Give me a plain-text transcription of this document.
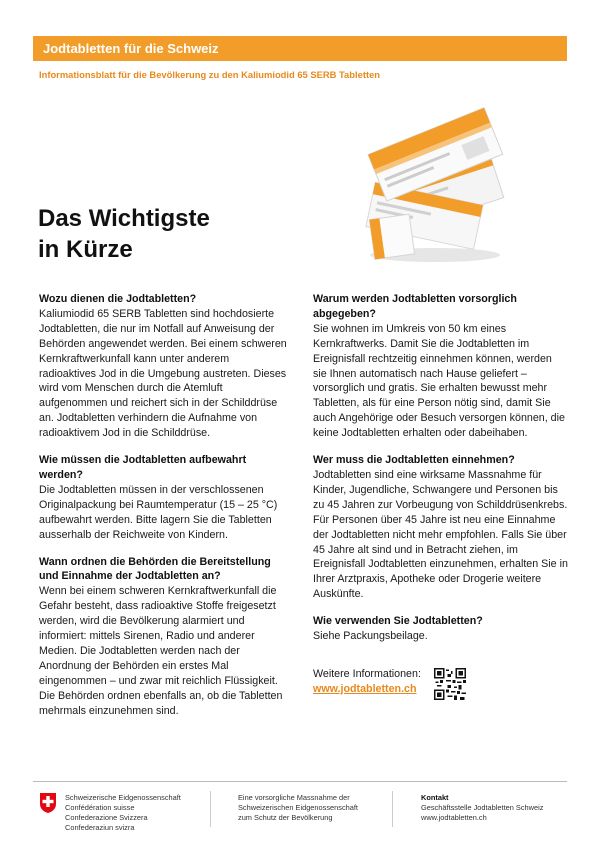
Jodtabletten für die Schweiz
Informationsblatt für die Bevölkerung zu den Kaliumiodid 65 SERB Tabletten
Das Wichtigste
in Kürze
Wozu dienen die Jodtabletten?
Kaliumiodid 65 SERB Tabletten sind hochdosierte Jodtabletten, die nur im Notfall auf Anweisung der Behörden angewendet werden. Bei einem schweren Kernkraftwerkunfall kann unter anderem radioaktives Jod in die Umgebung austreten. Dieses wird vom Menschen durch die Atemluft aufgenommen und reichert sich in der Schilddrüse an. Jodtabletten verhindern die Aufnahme von radioaktivem Jod in die Schilddrüse.
Wie müssen die Jodtabletten aufbewahrt werden?
Die Jodtabletten müssen in der verschlossenen Originalpackung bei Raumtemperatur (15 – 25 °C) aufbewahrt werden. Bitte lagern Sie die Tabletten ausserhalb der Reichweite von Kindern.
Wann ordnen die Behörden die Bereitstellung und Einnahme der Jodtabletten an?
Wenn bei einem schweren Kernkraftwerkunfall die Gefahr besteht, dass radioaktive Stoffe freigesetzt werden, wird die Bevölkerung alarmiert und informiert: mittels Sirenen, Radio und anderer Medien. Die Jodtabletten werden nach der Anordnung der Behörden ein erstes Mal eingenommen – und zwar mit reichlich Flüssigkeit. Die Behörden ordnen ebenfalls an, ob die Tabletten mehrmals einzunehmen sind.
Warum werden Jodtabletten vorsorglich abgegeben?
Sie wohnen im Umkreis von 50 km eines Kernkraftwerks. Damit Sie die Jodtabletten im Ereignisfall rechtzeitig einnehmen können, werden sie Ihnen automatisch nach Hause geliefert – vorsorglich und gratis. Sie erhalten bewusst mehr Tabletten, als für eine Person nötig sind, damit Sie auch Angehörige oder Besuch versorgen können, die keine Jodtabletten erhalten oder dabeihaben.
Wer muss die Jodtabletten einnehmen?
Jodtabletten sind eine wirksame Massnahme für Kinder, Jugendliche, Schwangere und Personen bis zu 45 Jahren zur Vorbeugung von Schilddrüsenkrebs. Für Personen über 45 Jahre ist neu eine Einnahme der Jodtabletten nicht mehr empfohlen. Falls Sie über 45 Jahre alt sind und in Betracht ziehen, im Ereignisfall Jodtabletten einzunehmen, erhalten Sie in Ihrer Arztpraxis, Apotheke oder Drogerie weitere Auskünfte.
Wie verwenden Sie Jodtabletten?
Siehe Packungsbeilage.
Weitere Informationen:
www.jodtabletten.ch
Schweizerische Eidgenossenschaft
Confédération suisse
Confederazione Svizzera
Confederaziun svizra
Eine vorsorgliche Massnahme der
Schweizerischen Eidgenossenschaft
zum Schutz der Bevölkerung
Kontakt
Geschäftsstelle Jodtabletten Schweiz
www.jodtabletten.ch
